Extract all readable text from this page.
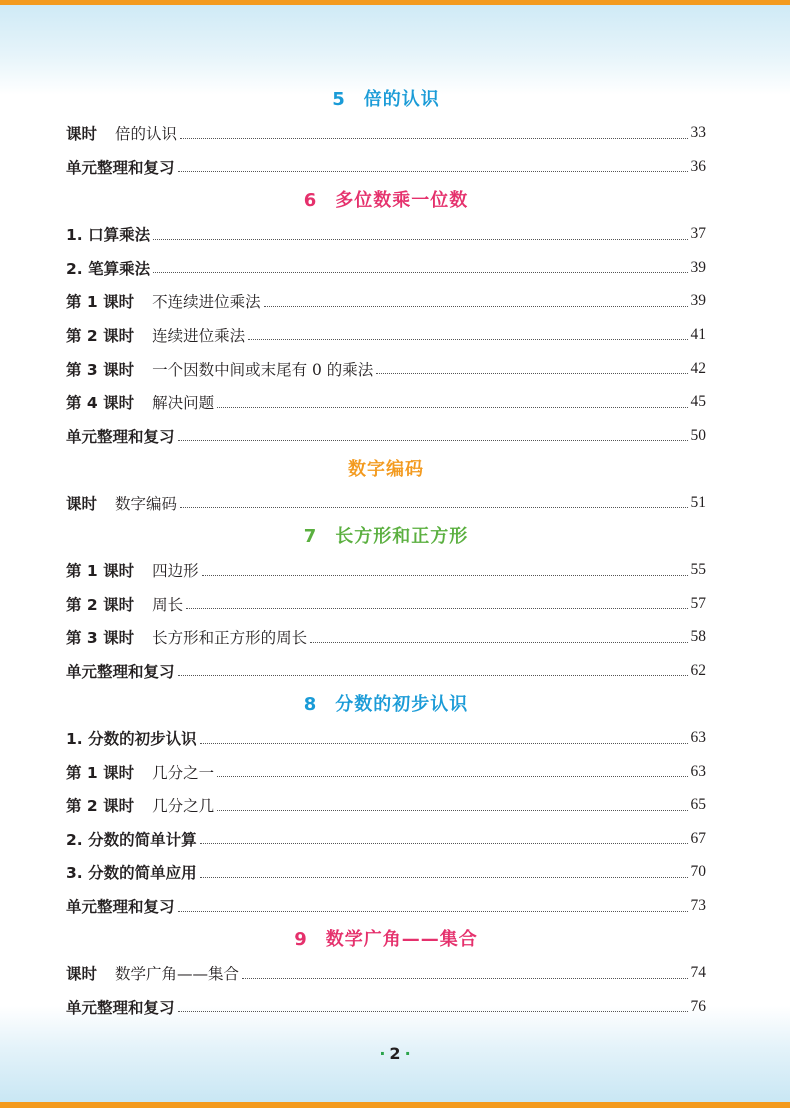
5 倍的认识
课时 倍的认识	33
单元整理和复习	36
6 多位数乘一位数
1. 口算乘法	37
2. 笔算乘法	39
第 1 课时 不连续进位乘法	39
第 2 课时 连续进位乘法	41
第 3 课时 一个因数中间或末尾有 0 的乘法	42
第 4 课时 解决问题	45
单元整理和复习	50
数字编码
课时 数字编码	51
7 长方形和正方形
第 1 课时 四边形	55
第 2 课时 周长	57
第 3 课时 长方形和正方形的周长	58
单元整理和复习	62
8 分数的初步认识
1. 分数的初步认识	63
第 1 课时 几分之一	63
第 2 课时 几分之几	65
2. 分数的简单计算	67
3. 分数的简单应用	70
单元整理和复习	73
9 数学广角——集合
课时 数学广角——集合	74
单元整理和复习	76
· 2 ·
